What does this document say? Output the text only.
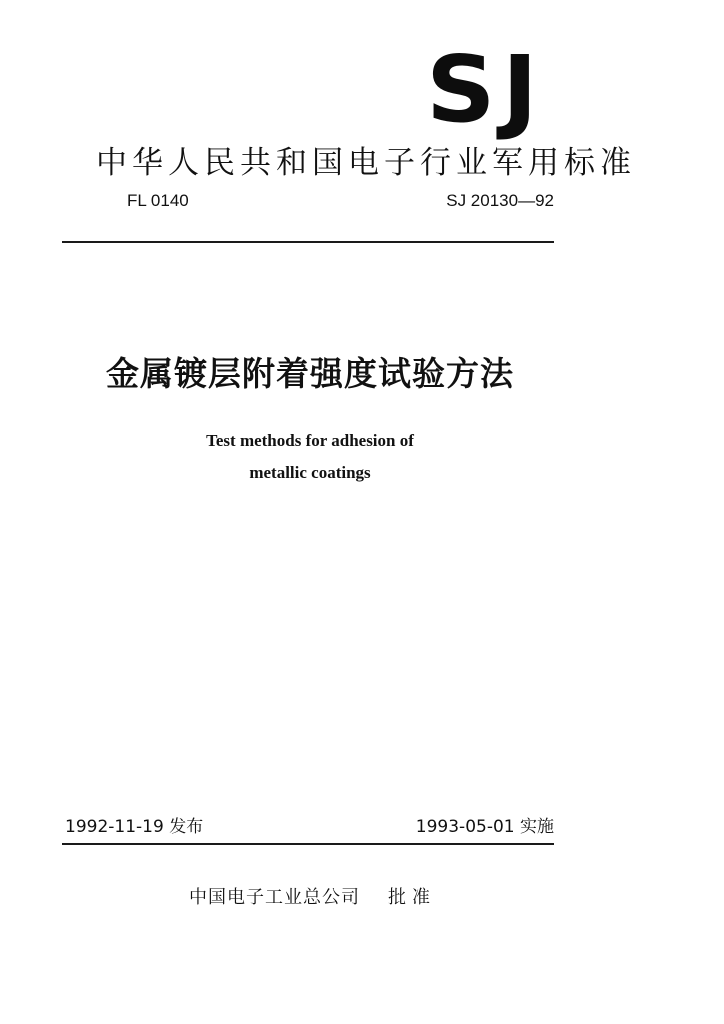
SJ
中华人民共和国电子行业军用标准
FL 0140	SJ 20130—92
金属镀层附着强度试验方法
Test methods for adhesion of
metallic coatings
1992-11-19 发布	1993-05-01 实施
中国电子工业总公司 批准
